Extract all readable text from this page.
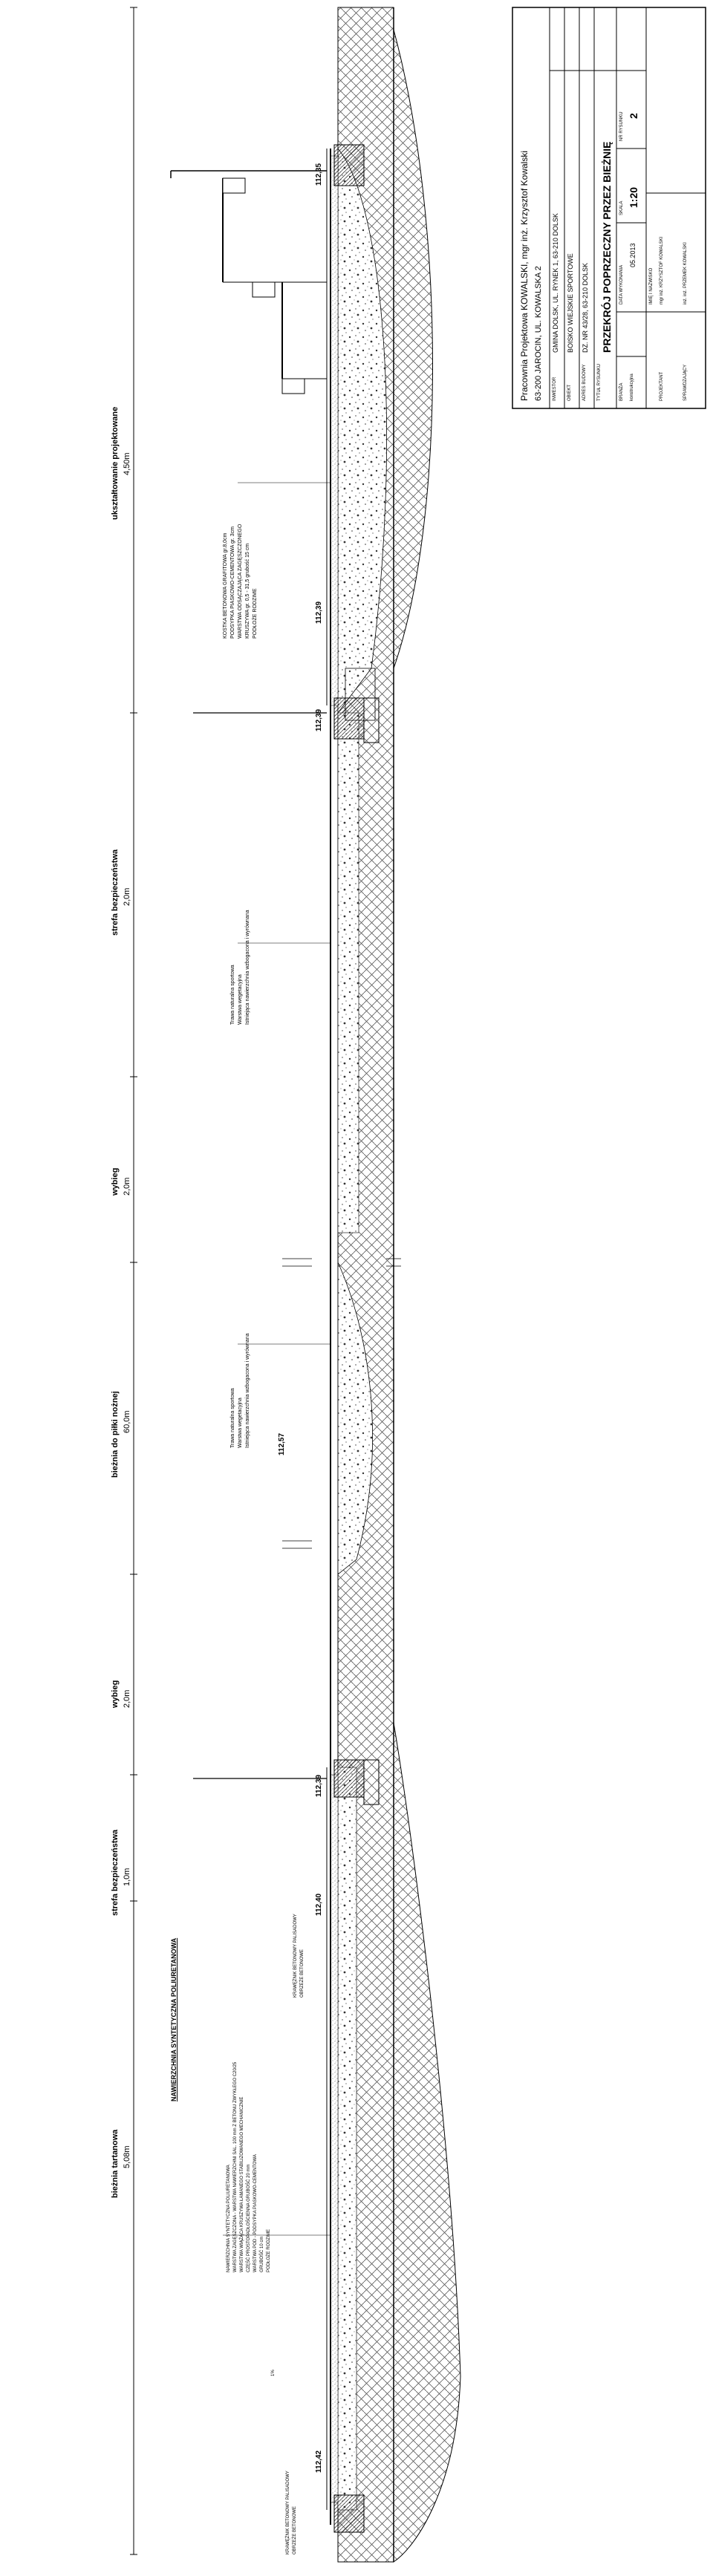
ukształtowanie projektowane 4,50m
strefa bezpieczeństwa 2,0m
wybieg 2,0m
bieżnia do piłki nożnej 60,0m
wybieg 2,0m
strefa bezpieczeństwa 1,0m
bieżnia tartanowa 5,08m
112,35
112,39
112,39
112,57
112,39
112,40
112,42
KOSTKA BETONOWA GRAFITOWA gr.8,0cm PODSYPKA PIASKOWO-CEMENTOWA gr. 3cm WARSTWA ODSĄCZAJĄCA ZAGĘSZCZONEGO KRUSZYWA gr. 0,5 - 31,5 grubość 15 cm PODŁOŻE RODZIME
Trawa naturalna sportowa Warstwa wegetacyjna Istniejąca nawierzchnia wzbogacona i wyrównana
Trawa naturalna sportowa Warstwa wegetacyjna Istniejąca nawierzchnia wzbogacona i wyrównana
NAWIERZCHNIA SYNTETYCZNA POLIURETANOWA
NAWIERZCHNIA SYNTETYCZNA POLIURETANOWA WARSTWA ZAGĘSZCZONA - WARSTWA NAWIERZCHNI SAL. 100 mm Z BETONU ZWYKŁEGO C20/25 WARSTWA WIĄŻĄCA KRUSZYWA ŁAMANEGO STABILIZOWANEGO MECHANICZNIE CZĘŚĆ PROSTOPADŁOŚCIENNA GRUBOŚĆ 20 mm WARSTWA POD - PODSYPKA PIASKOWO-CEMENTOWA GRUBOŚĆ 10 cm PODŁOŻE RODZIME
1%
KRAWĘŻNIK BETONOWY PALISADOWY OBRZEŻE BETONOWE
KRAWĘŻNIK BETONOWY PALISADOWY OBRZEŻE BETONOWE
Pracownia Projektowa KOWALSKI, mgr inż. Krzysztof Kowalski 63-200 JAROCIN, UL. KOWALSKA 2 INWESTOR
GMINA DOLSK, UL. RYNEK 1, 63-210 DOLSK
OBIEKT
BOISKO WIEJSKIE SPORTOWE
ADRES BUDOWY
DZ. NR 43/28, 63-210 DOLSK
TYTUŁ RYSUNKU
PRZEKRÓJ POPRZECZNY PRZEZ BIEŻNIĘ
BRANŻA konstrukcyjna
DATA WYKONANIA
05.2013
SKALA
1:20
NR RYSUNKU 2
IMIĘ I NAZWISKO
PROJEKTANT
mgr inż. KRZYSZTOF KOWALSKI
SPRAWDZAJĄCY
inż. inż. PRZEMEK KOWALSKI
